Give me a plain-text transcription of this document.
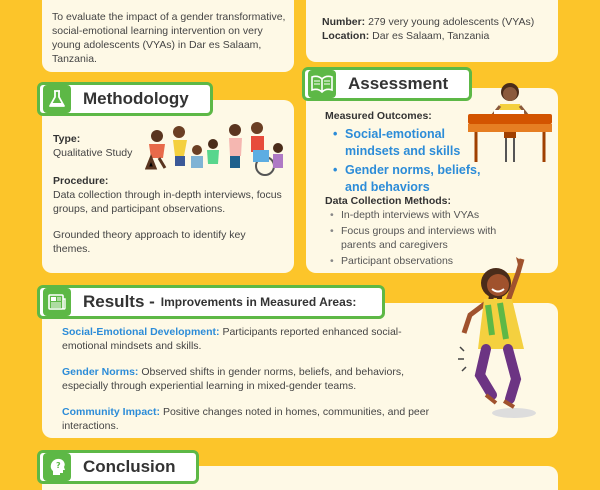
To evaluate the impact of a gender transformative, social-emotional learning intervention on very young adolescents (VYAs) in Dar es Salaam, Tanzania.

Number: 279 very young adolescents (VYAs)
Location: Dar es Salaam, Tanzania
Methodology
Type:
Qualitative Study
Procedure:
Data collection through in-depth interviews, focus groups, and participant observations.
Grounded theory approach to identify key themes.
Assessment
Measured Outcomes:
• Social-emotional mindsets and skills
• Gender norms, beliefs, and behaviors
Data Collection Methods:
• In-depth interviews with VYAs
• Focus groups and interviews with parents and caregivers
• Participant observations
Results - Improvements in Measured Areas:

Social-Emotional Development: Participants reported enhanced social-emotional mindsets and skills.

Gender Norms: Observed shifts in gender norms, beliefs, and behaviors, especially through experiential learning in mixed-gender teams.

Community Impact: Positive changes noted in homes, communities, and peer interactions.

? Conclusion
